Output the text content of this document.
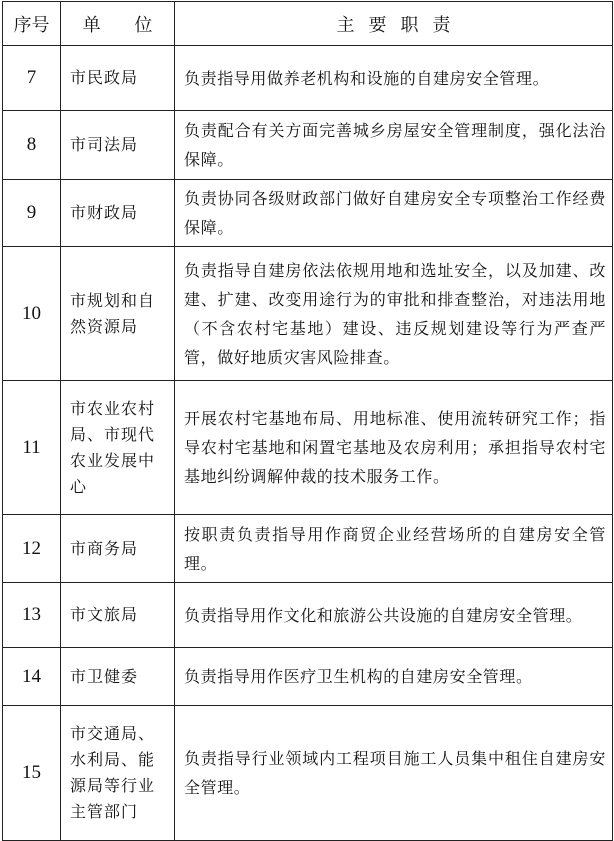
序号	单 位	主要职责
7	市民政局	负责指导用做养老机构和设施的自建房安全管理。
8	市司法局	负责配合有关方面完善城乡房屋安全管理制度，强化法治保障。
9	市财政局	负责协同各级财政部门做好自建房安全专项整治工作经费保障。
10	市规划和自然资源局	负责指导自建房依法依规用地和选址安全，以及加建、改建、扩建、改变用途行为的审批和排查整治，对违法用地（不含农村宅基地）建设、违反规划建设等行为严查严管，做好地质灾害风险排查。
11	市农业农村局、市现代农业发展中心	开展农村宅基地布局、用地标准、使用流转研究工作；指导农村宅基地和闲置宅基地及农房利用；承担指导农村宅基地纠纷调解仲裁的技术服务工作。
12	市商务局	按职责负责指导用作商贸企业经营场所的自建房安全管理。
13	市文旅局	负责指导用作文化和旅游公共设施的自建房安全管理。
14	市卫健委	负责指导用作医疗卫生机构的自建房安全管理。
15	市交通局、水利局、能源局等行业主管部门	负责指导行业领域内工程项目施工人员集中租住自建房安全管理。
